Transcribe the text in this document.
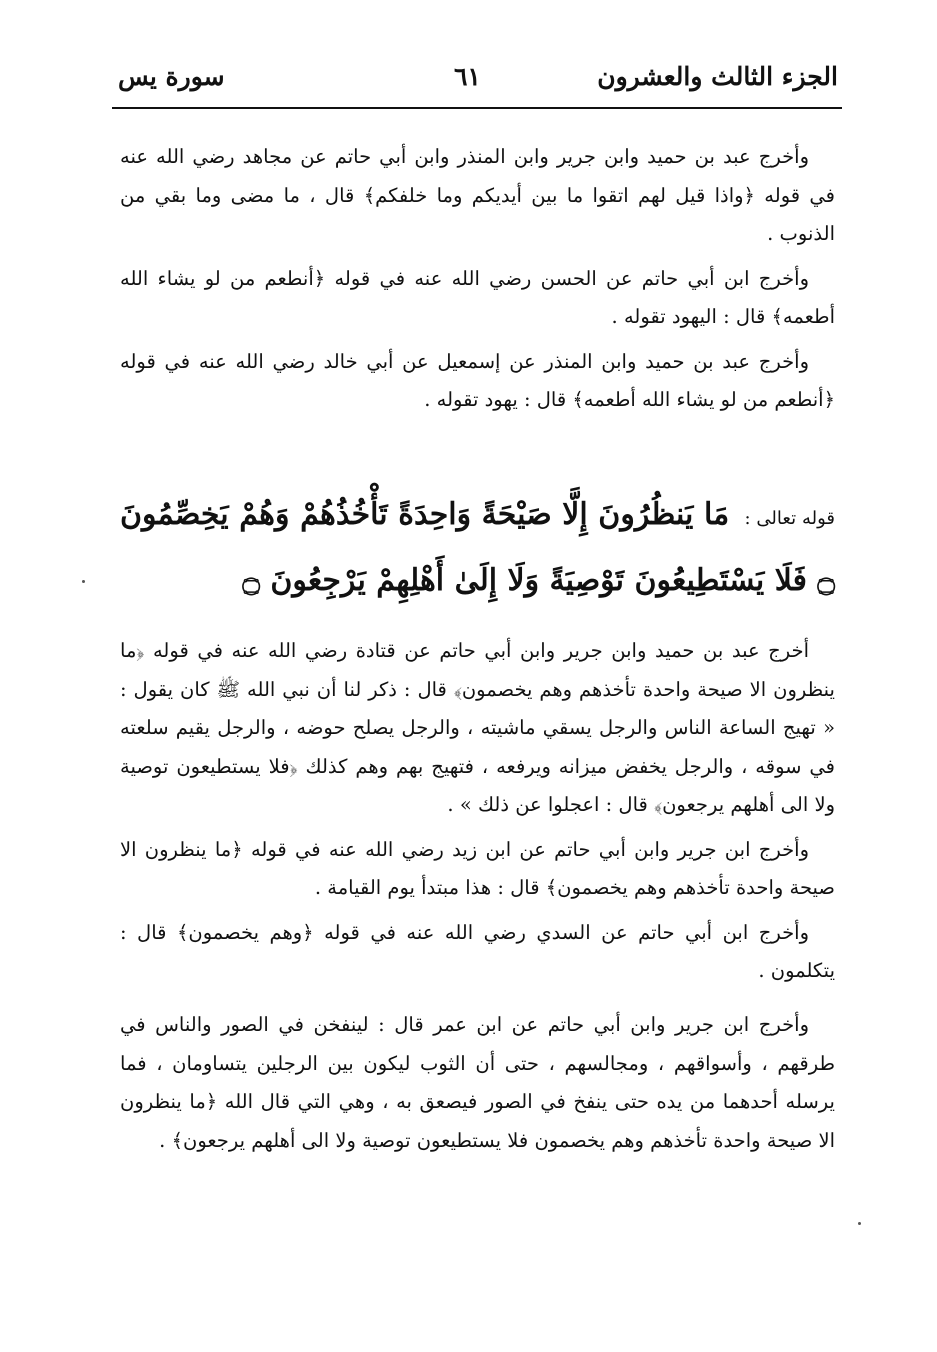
الجزء الثالث والعشرون
٦١
سورة يس

وأخرج عبد بن حميد وابن جرير وابن المنذر وابن أبي حاتم عن مجاهد رضي الله عنه في قوله ﴿واذا قيل لهم اتقوا ما بين أيديكم وما خلفكم﴾ قال ، ما مضى وما بقي من الذنوب .

وأخرج ابن أبي حاتم عن الحسن رضي الله عنه في قوله ﴿أنطعم من لو يشاء الله أطعمه﴾ قال : اليهود تقوله .

وأخرج عبد بن حميد وابن المنذر عن إسمعيل عن أبي خالد رضي الله عنه في قوله ﴿أنطعم من لو يشاء الله أطعمه﴾ قال : يهود تقوله .

قوله تعالى : مَا يَنظُرُونَ إِلَّا صَيْحَةً وَاحِدَةً تَأْخُذُهُمْ وَهُمْ يَخِصِّمُونَ ۝ فَلَا يَسْتَطِيعُونَ تَوْصِيَةً وَلَا إِلَىٰ أَهْلِهِمْ يَرْجِعُونَ ۝

أخرج عبد بن حميد وابن جرير وابن أبي حاتم عن قتادة رضي الله عنه في قوله ﴿ما ينظرون الا صيحة واحدة تأخذهم وهم يخصمون﴾ قال : ذكر لنا أن نبي الله ﷺ كان يقول : « تهيج الساعة الناس والرجل يسقي ماشيته ، والرجل يصلح حوضه ، والرجل يقيم سلعته في سوقه ، والرجل يخفض ميزانه ويرفعه ، فتهيج بهم وهم كذلك ﴿فلا يستطيعون توصية ولا الى أهلهم يرجعون﴾ قال : اعجلوا عن ذلك » .

وأخرج ابن جرير وابن أبي حاتم عن ابن زيد رضي الله عنه في قوله ﴿ما ينظرون الا صيحة واحدة تأخذهم وهم يخصمون﴾ قال : هذا مبتدأ يوم القيامة .

وأخرج ابن أبي حاتم عن السدي رضي الله عنه في قوله ﴿وهم يخصمون﴾ قال : يتكلمون .

وأخرج ابن جرير وابن أبي حاتم عن ابن عمر قال : لينفخن في الصور والناس في طرقهم ، وأسواقهم ، ومجالسهم ، حتى أن الثوب ليكون بين الرجلين يتساومان ، فما يرسله أحدهما من يده حتى ينفخ في الصور فيصعق به ، وهي التي قال الله ﴿ما ينظرون الا صيحة واحدة تأخذهم وهم يخصمون فلا يستطيعون توصية ولا الى أهلهم يرجعون﴾ .
